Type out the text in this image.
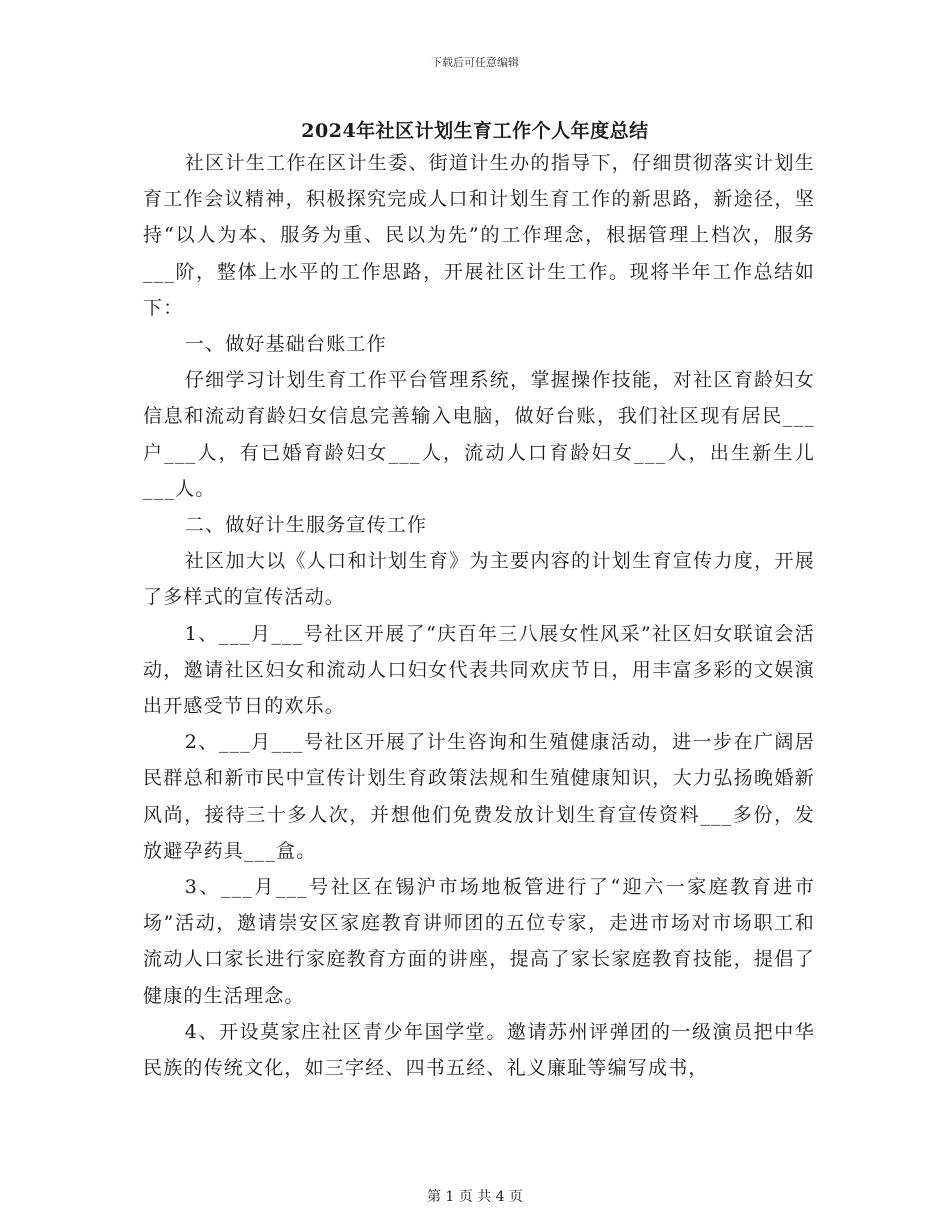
下载后可任意编辑
2024年社区计划生育工作个人年度总结

社区计生工作在区计生委、街道计生办的指导下，仔细贯彻落实计划生育工作会议精神，积极探究完成人口和计划生育工作的新思路，新途径，坚持“以人为本、服务为重、民以为先”的工作理念，根据管理上档次，服务___阶，整体上水平的工作思路，开展社区计生工作。现将半年工作总结如下：

一、做好基础台账工作

仔细学习计划生育工作平台管理系统，掌握操作技能，对社区育龄妇女信息和流动育龄妇女信息完善输入电脑，做好台账，我们社区现有居民___户___人，有已婚育龄妇女___人，流动人口育龄妇女___人，出生新生儿___人。

二、做好计生服务宣传工作

社区加大以《人口和计划生育》为主要内容的计划生育宣传力度，开展了多样式的宣传活动。

1、___月___号社区开展了“庆百年三八展女性风采”社区妇女联谊会活动，邀请社区妇女和流动人口妇女代表共同欢庆节日，用丰富多彩的文娱演出开感受节日的欢乐。

2、___月___号社区开展了计生咨询和生殖健康活动，进一步在广阔居民群总和新市民中宣传计划生育政策法规和生殖健康知识，大力弘扬晚婚新风尚，接待三十多人次，并想他们免费发放计划生育宣传资料___多份，发放避孕药具___盒。

3、___月___号社区在锡沪市场地板管进行了“迎六一家庭教育进市场”活动，邀请崇安区家庭教育讲师团的五位专家，走进市场对市场职工和流动人口家长进行家庭教育方面的讲座，提高了家长家庭教育技能，提倡了健康的生活理念。

4、开设莫家庄社区青少年国学堂。邀请苏州评弹团的一级演员把中华民族的传统文化，如三字经、四书五经、礼义廉耻等编写成书，

第 1 页 共 4 页
